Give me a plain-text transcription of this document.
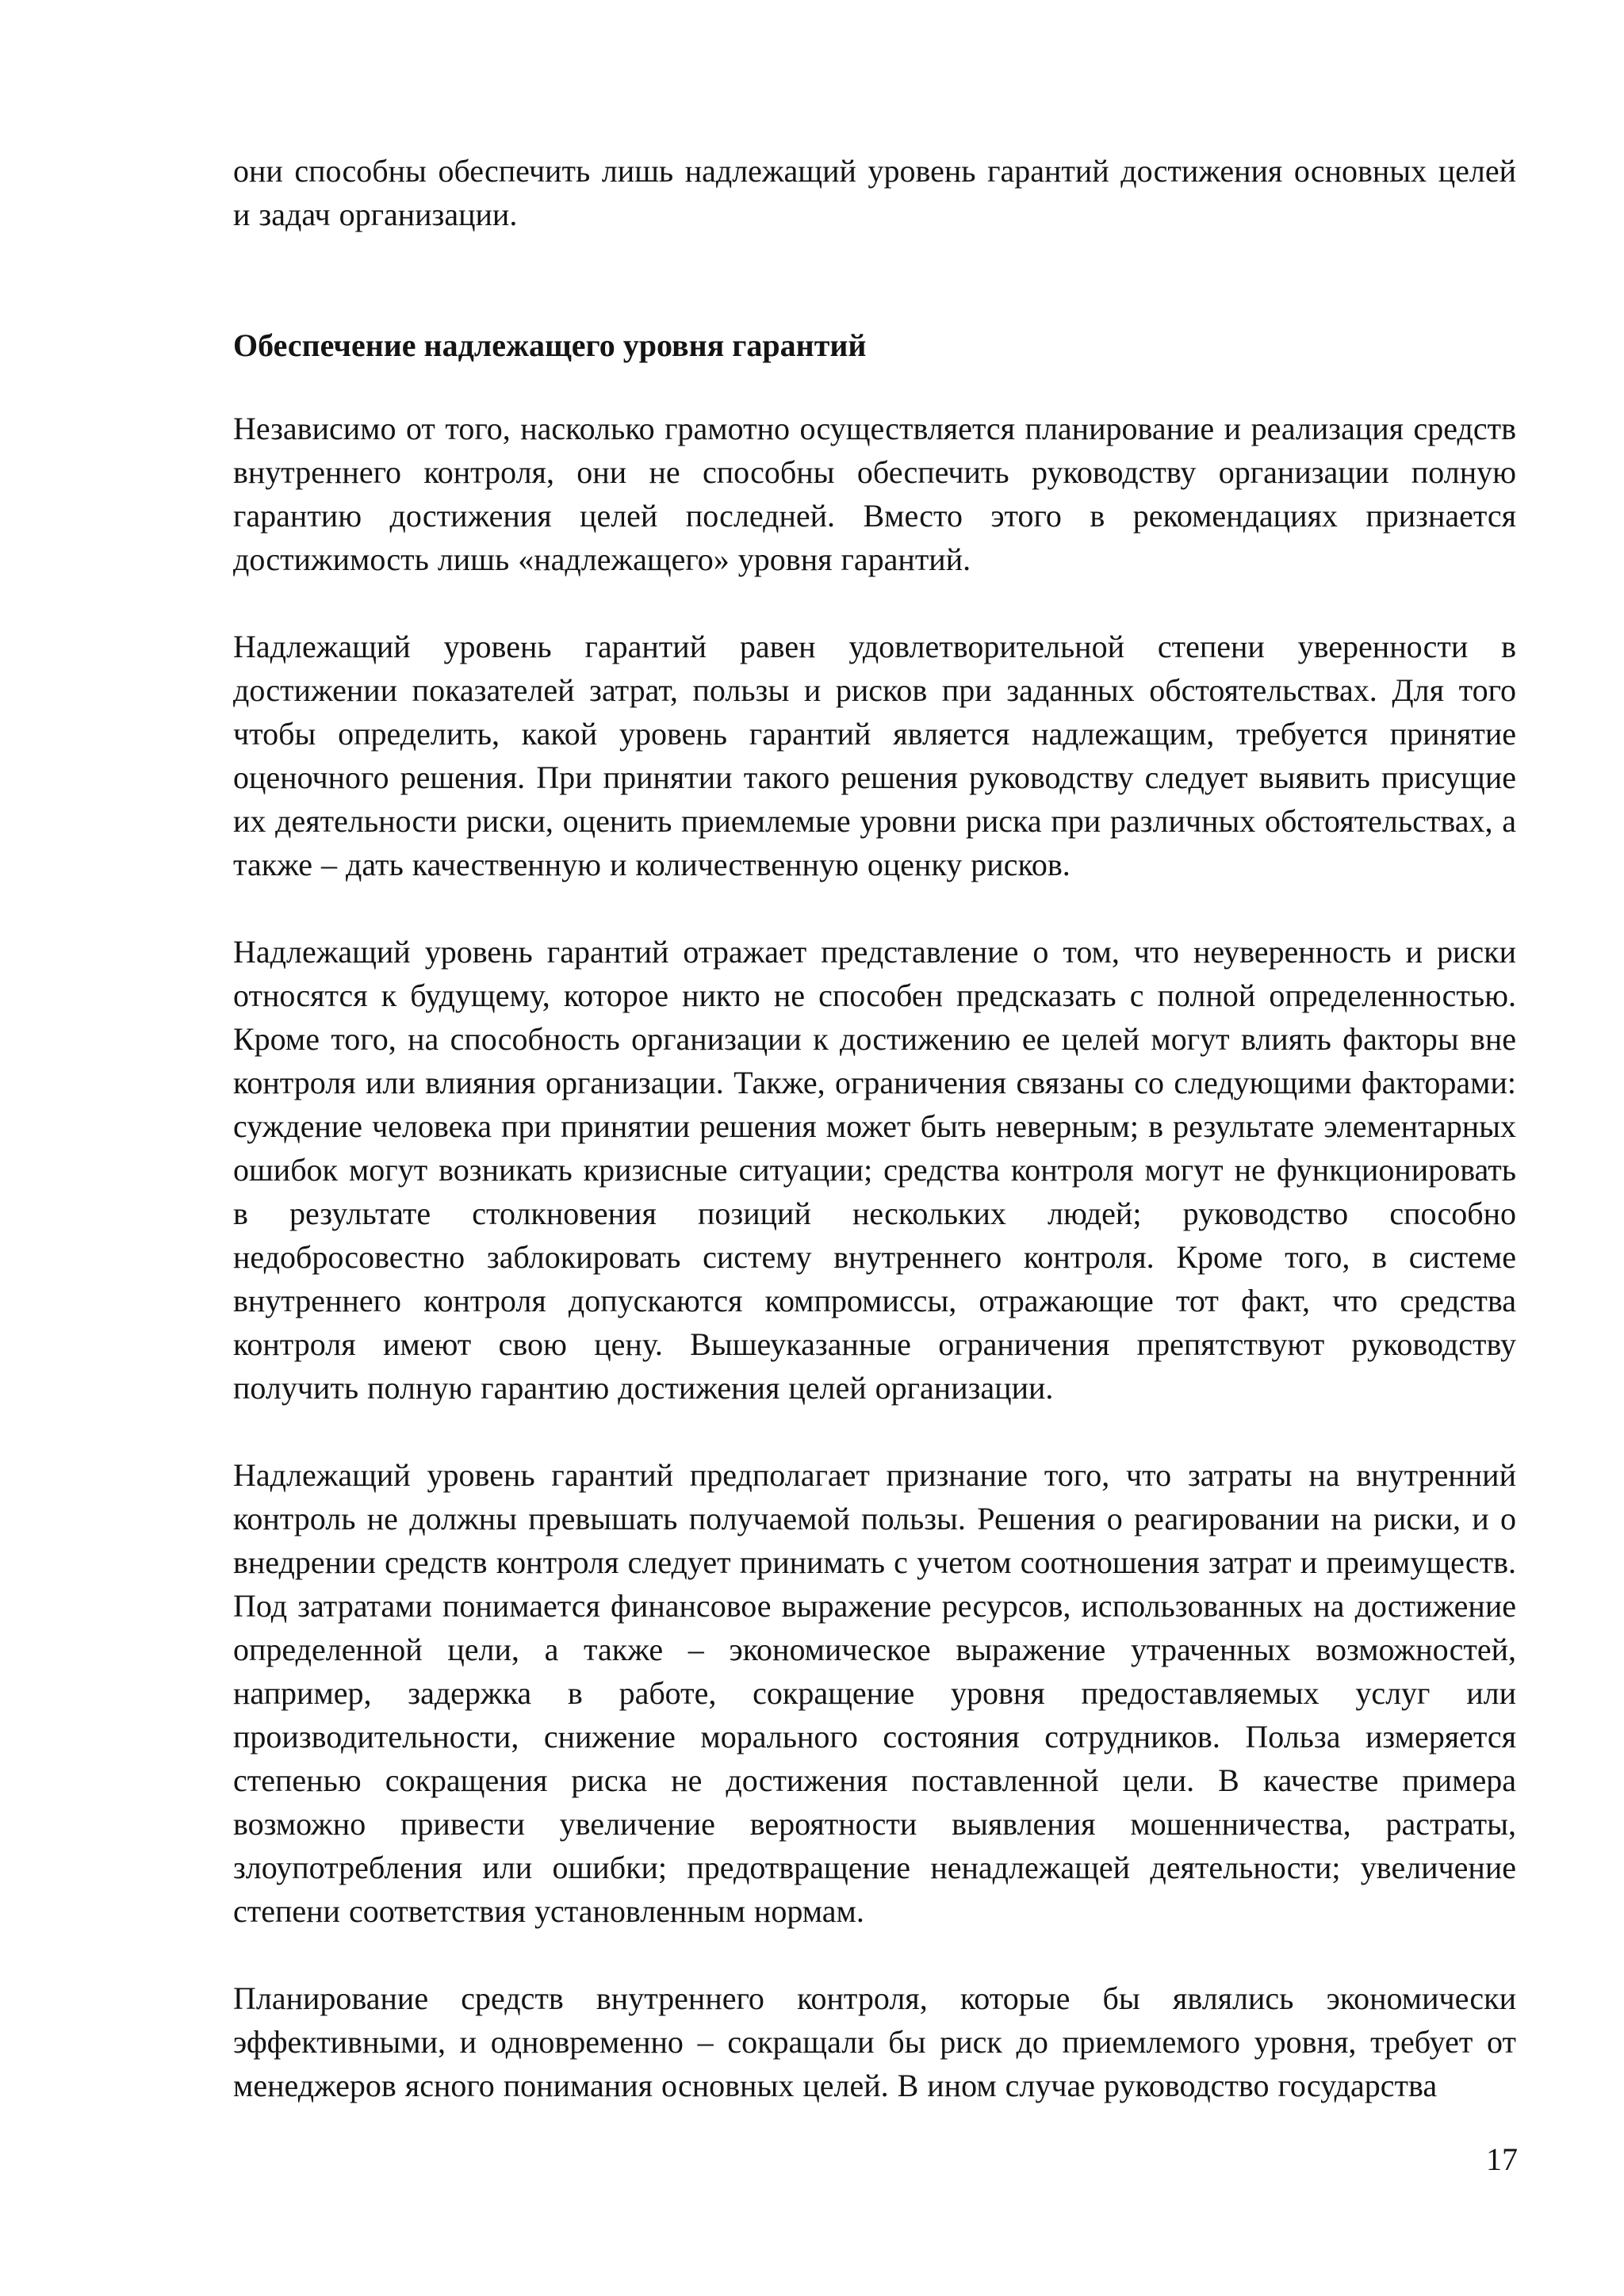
они способны обеспечить лишь надлежащий уровень гарантий достижения основных целей и задач организации.

Обеспечение надлежащего уровня гарантий

Независимо от того, насколько грамотно осуществляется планирование и реализация средств внутреннего контроля, они не способны обеспечить руководству организации полную гарантию достижения целей последней. Вместо этого в рекомендациях признается достижимость лишь «надлежащего» уровня гарантий.

Надлежащий уровень гарантий равен удовлетворительной степени уверенности в достижении показателей затрат, пользы и рисков при заданных обстоятельствах. Для того чтобы определить, какой уровень гарантий является надлежащим, требуется принятие оценочного решения. При принятии такого решения руководству следует выявить присущие их деятельности риски, оценить приемлемые уровни риска при различных обстоятельствах, а также – дать качественную и количественную оценку рисков.

Надлежащий уровень гарантий отражает представление о том, что неуверенность и риски относятся к будущему, которое никто не способен предсказать с полной определенностью. Кроме того, на способность организации к достижению ее целей могут влиять факторы вне контроля или влияния организации. Также, ограничения связаны со следующими факторами: суждение человека при принятии решения может быть неверным; в результате элементарных ошибок могут возникать кризисные ситуации; средства контроля могут не функционировать в результате столкновения позиций нескольких людей; руководство способно недобросовестно заблокировать систему внутреннего контроля. Кроме того, в системе внутреннего контроля допускаются компромиссы, отражающие тот факт, что средства контроля имеют свою цену. Вышеуказанные ограничения препятствуют руководству получить полную гарантию достижения целей организации.

Надлежащий уровень гарантий предполагает признание того, что затраты на внутренний контроль не должны превышать получаемой пользы. Решения о реагировании на риски, и о внедрении средств контроля следует принимать с учетом соотношения затрат и преимуществ. Под затратами понимается финансовое выражение ресурсов, использованных на достижение определенной цели, а также – экономическое выражение утраченных возможностей, например, задержка в работе, сокращение уровня предоставляемых услуг или производительности, снижение морального состояния сотрудников. Польза измеряется степенью сокращения риска не достижения поставленной цели. В качестве примера возможно привести увеличение вероятности выявления мошенничества, растраты, злоупотребления или ошибки; предотвращение ненадлежащей деятельности; увеличение степени соответствия установленным нормам.

Планирование средств внутреннего контроля, которые бы являлись экономически эффективными, и одновременно – сокращали бы риск до приемлемого уровня, требует от менеджеров ясного понимания основных целей. В ином случае руководство государства

17
